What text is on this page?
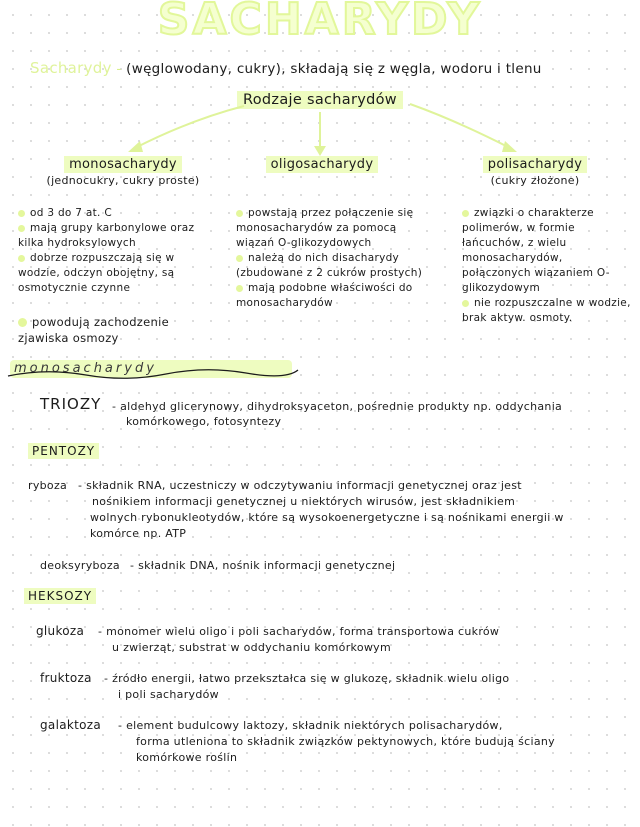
SACHARYDY
Sacharydy - (węglowodany, cukry), składają się z węgla, wodoru i tlenu
Rodzaje sacharydów
monosacharydy
(jednocukry, cukry proste)

od 3 do 7 at. C

mają grupy karbonylowe oraz kilka hydroksylowych

dobrze rozpuszczają się w wodzie, odczyn obojętny, są osmotycznie czynne

powodują zachodzenie zjawiska osmozy

oligosacharydy

powstają przez połączenie się monosacharydów za pomocą wiązań O-glikozydowych

należą do nich disacharydy (zbudowane z 2 cukrów prostych)

mają podobne właściwości do monosacharydów

polisacharydy
(cukry złożone)

związki o charakterze polimerów, w formie łańcuchów, z wielu monosacharydów, połączonych wiązaniem O-glikozydowym

nie rozpuszczalne w wodzie, brak aktyw. osmoty.

monosacharydy
TRIOZY - aldehyd glicerynowy, dihydroksyaceton, pośrednie produkty np. oddychania
komórkowego, fotosyntezy
PENTOZY
ryboza - składnik RNA, uczestniczy w odczytywaniu informacji genetycznej oraz jest
nośnikiem informacji genetycznej u niektórych wirusów, jest składnikiem
wolnych rybonukleotydów, które są wysokoenergetyczne i są nośnikami energii w
komórce np. ATP
deoksyryboza - składnik DNA, nośnik informacji genetycznej
HEKSOZY
glukoza	- monomer wielu oligo i poli sacharydów, forma transportowa cukrów
u zwierząt, substrat w oddychaniu komórkowym
fruktoza	- źródło energii, łatwo przekształca się w glukozę, składnik wielu oligo
i poli sacharydów
galaktoza	- element budulcowy laktozy, składnik niektórych polisacharydów,
forma utleniona to składnik związków pektynowych, które budują ściany
komórkowe roślin
